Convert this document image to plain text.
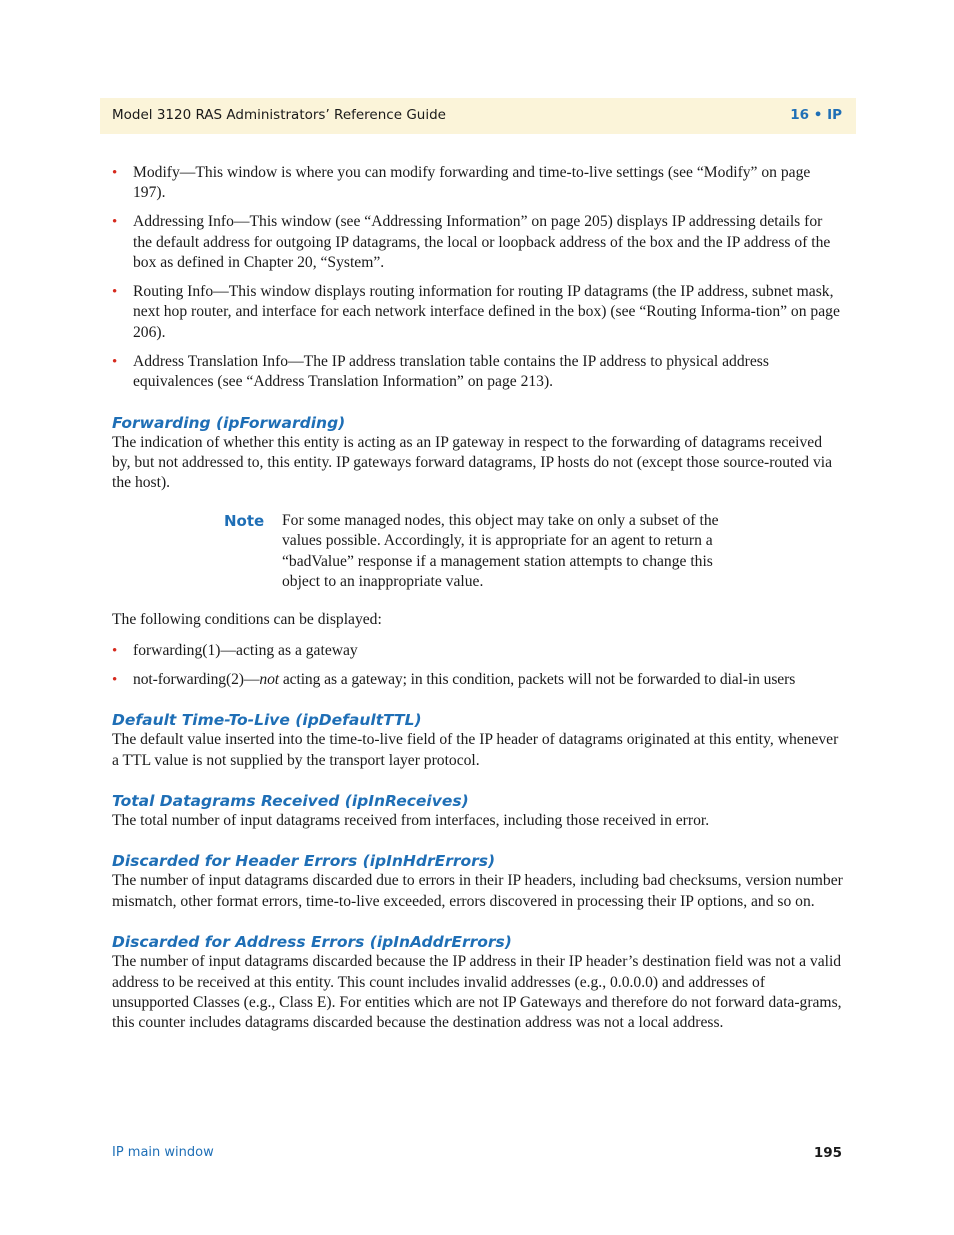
Model 3120 RAS Administrators’ Reference Guide	16 • IP
• Modify—This window is where you can modify forwarding and time-to-live settings (see “Modify” on page 197).
• Addressing Info—This window (see “Addressing Information” on page 205) displays IP addressing details for the default address for outgoing IP datagrams, the local or loopback address of the box and the IP address of the box as defined in Chapter 20, “System”.
• Routing Info—This window displays routing information for routing IP datagrams (the IP address, subnet mask, next hop router, and interface for each network interface defined in the box) (see “Routing Informa-tion” on page 206).
• Address Translation Info—The IP address translation table contains the IP address to physical address equivalences (see “Address Translation Information” on page 213).
Forwarding (ipForwarding)

The indication of whether this entity is acting as an IP gateway in respect to the forwarding of datagrams received by, but not addressed to, this entity. IP gateways forward datagrams, IP hosts do not (except those source-routed via the host).

Note For some managed nodes, this object may take on only a subset of the values possible. Accordingly, it is appropriate for an agent to return a “badValue” response if a management station attempts to change this object to an inappropriate value.

The following conditions can be displayed:

• forwarding(1)—acting as a gateway
• not-forwarding(2)—not acting as a gateway; in this condition, packets will not be forwarded to dial-in users
Default Time-To-Live (ipDefaultTTL)

The default value inserted into the time-to-live field of the IP header of datagrams originated at this entity, whenever a TTL value is not supplied by the transport layer protocol.

Total Datagrams Received (ipInReceives)

The total number of input datagrams received from interfaces, including those received in error.

Discarded for Header Errors (ipInHdrErrors)

The number of input datagrams discarded due to errors in their IP headers, including bad checksums, version number mismatch, other format errors, time-to-live exceeded, errors discovered in processing their IP options, and so on.

Discarded for Address Errors (ipInAddrErrors)

The number of input datagrams discarded because the IP address in their IP header’s destination field was not a valid address to be received at this entity. This count includes invalid addresses (e.g., 0.0.0.0) and addresses of unsupported Classes (e.g., Class E). For entities which are not IP Gateways and therefore do not forward data-grams, this counter includes datagrams discarded because the destination address was not a local address.

IP main window	195
